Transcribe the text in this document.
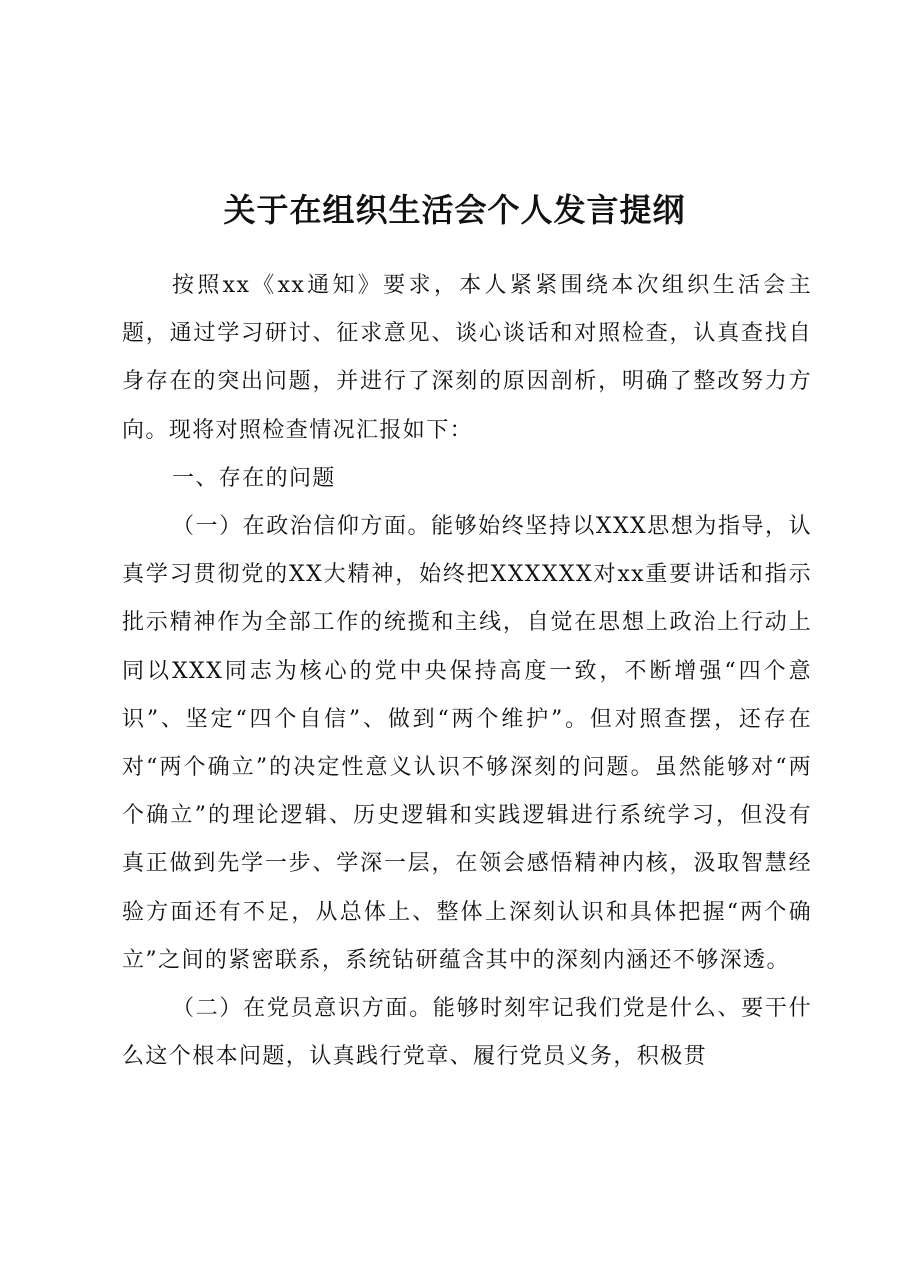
关于在组织生活会个人发言提纲

按照xx《xx通知》要求，本人紧紧围绕本次组织生活会主题，通过学习研讨、征求意见、谈心谈话和对照检查，认真查找自身存在的突出问题，并进行了深刻的原因剖析，明确了整改努力方向。现将对照检查情况汇报如下：

一、存在的问题

（一）在政治信仰方面。能够始终坚持以XXX思想为指导，认真学习贯彻党的XX大精神，始终把XXXXXX对xx重要讲话和指示批示精神作为全部工作的统揽和主线，自觉在思想上政治上行动上同以XXX同志为核心的党中央保持高度一致，不断增强“四个意识”、坚定“四个自信”、做到“两个维护”。但对照查摆，还存在对“两个确立”的决定性意义认识不够深刻的问题。虽然能够对“两个确立”的理论逻辑、历史逻辑和实践逻辑进行系统学习，但没有真正做到先学一步、学深一层，在领会感悟精神内核，汲取智慧经验方面还有不足，从总体上、整体上深刻认识和具体把握“两个确立”之间的紧密联系，系统钻研蕴含其中的深刻内涵还不够深透。

（二）在党员意识方面。能够时刻牢记我们党是什么、要干什么这个根本问题，认真践行党章、履行党员义务，积极贯
